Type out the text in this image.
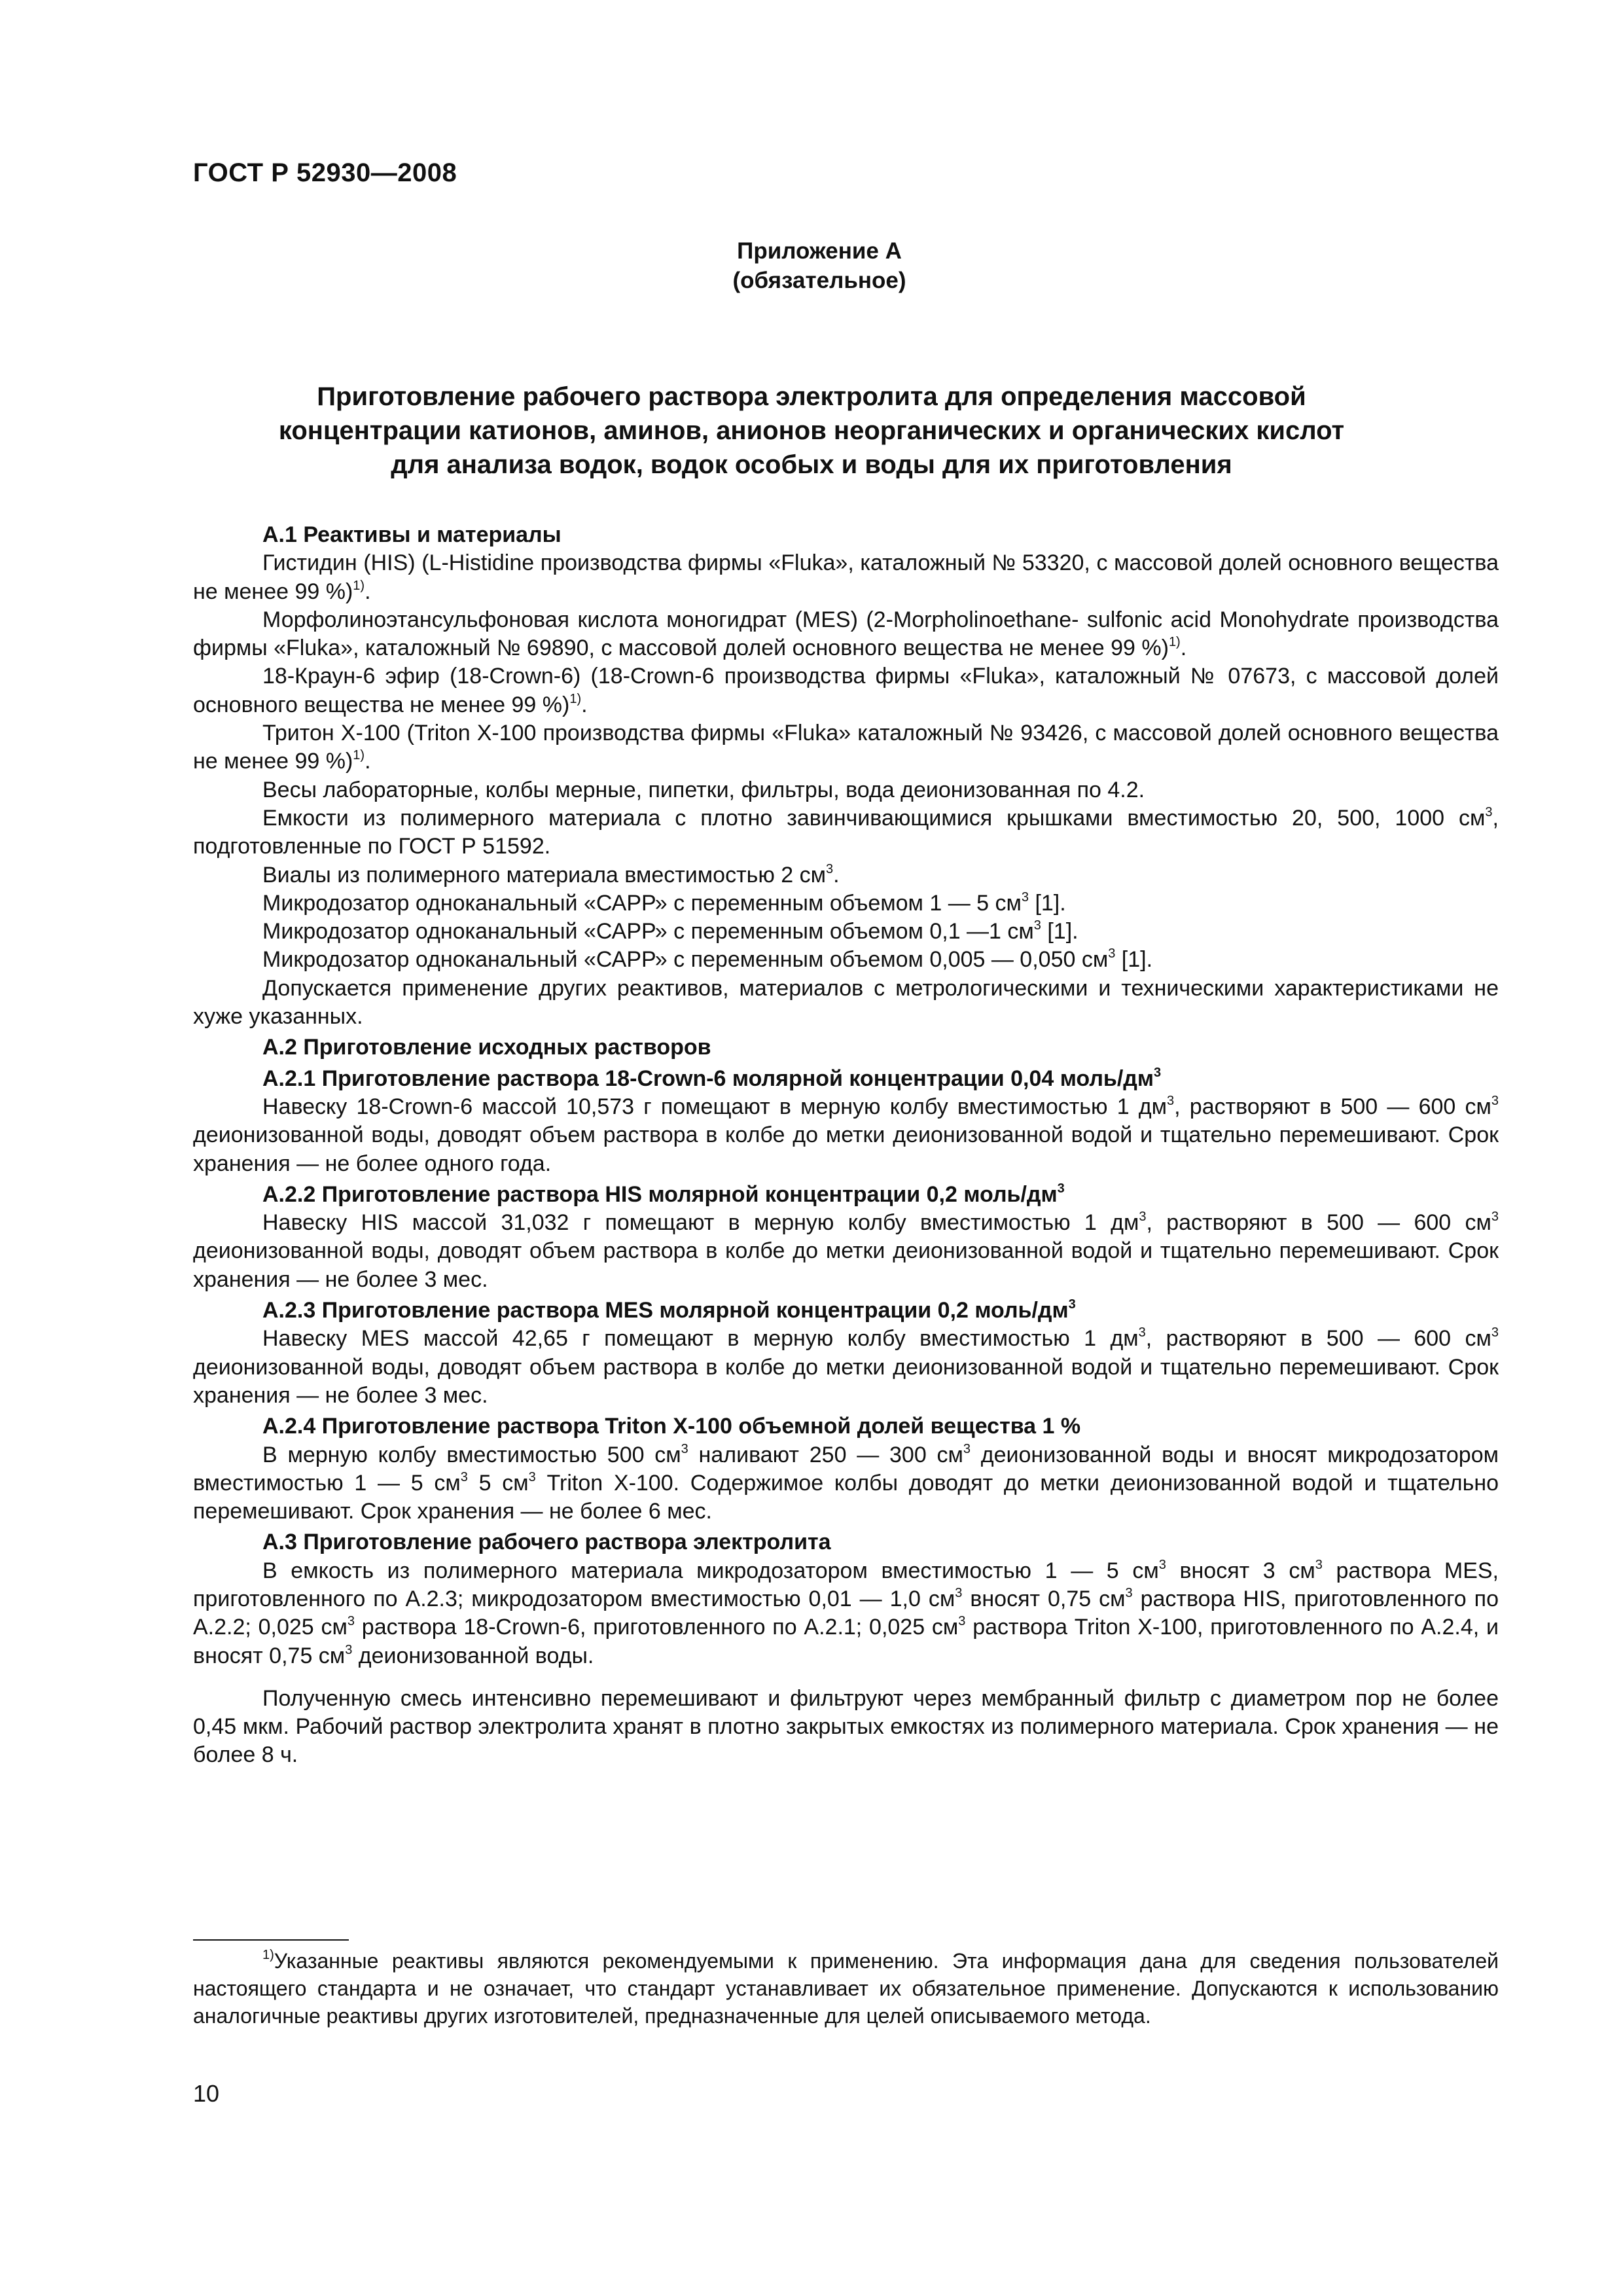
ГОСТ Р 52930—2008
Приложение А
(обязательное)
Приготовление рабочего раствора электролита для определения массовой
концентрации катионов, аминов, анионов неорганических и органических кислот
для анализа водок, водок особых и воды для их приготовления

А.1 Реактивы и материалы

Гистидин (HIS) (L-Histidine производства фирмы «Fluka», каталожный № 53320, с массовой долей основного вещества не менее 99 %)$^{1)}$.

Морфолиноэтансульфоновая кислота моногидрат (MES) (2-Morpholinoethane- sulfonic acid Monohydrate производства фирмы «Fluka», каталожный № 69890, с массовой долей основного вещества не менее 99 %)$^{1)}$.

18-Краун-6 эфир (18-Crown-6) (18-Crown-6 производства фирмы «Fluka», каталожный № 07673, с массовой долей основного вещества не менее 99 %)$^{1)}$.

Тритон Х-100 (Triton X-100 производства фирмы «Fluka» каталожный № 93426, с массовой долей основного вещества не менее 99 %)$^{1)}$.

Весы лабораторные, колбы мерные, пипетки, фильтры, вода деионизованная по 4.2.

Емкости из полимерного материала с плотно завинчивающимися крышками вместимостью 20, 500, 1000 $см^3$, подготовленные по ГОСТ Р 51592.

Виалы из полимерного материала вместимостью 2 $см^3$.

Микродозатор одноканальный «САРР» с переменным объемом 1 — 5 $см^3$ [1].

Микродозатор одноканальный «САРР» с переменным объемом 0,1 —1 $см^3$ [1].

Микродозатор одноканальный «САРР» с переменным объемом 0,005 — 0,050 $см^3$ [1].

Допускается применение других реактивов, материалов с метрологическими и техническими характеристиками не хуже указанных.

А.2 Приготовление исходных растворов

А.2.1 Приготовление раствора 18-Crown-6 молярной концентрации 0,04 моль/$дм^3$

Навеску 18-Crown-6 массой 10,573 г помещают в мерную колбу вместимостью 1 $дм^3$, растворяют в 500 — 600 $см^3$ деионизованной воды, доводят объем раствора в колбе до метки деионизованной водой и тщательно перемешивают. Срок хранения — не более одного года.

А.2.2 Приготовление раствора HIS молярной концентрации 0,2 моль/$дм^3$

Навеску HIS массой 31,032 г помещают в мерную колбу вместимостью 1 $дм^3$, растворяют в 500 — 600 $см^3$ деионизованной воды, доводят объем раствора в колбе до метки деионизованной водой и тщательно перемешивают. Срок хранения — не более 3 мес.

А.2.3 Приготовление раствора MES молярной концентрации 0,2 моль/$дм^3$

Навеску MES массой 42,65 г помещают в мерную колбу вместимостью 1 $дм^3$, растворяют в 500 — 600 $см^3$ деионизованной воды, доводят объем раствора в колбе до метки деионизованной водой и тщательно перемешивают. Срок хранения — не более 3 мес.

А.2.4 Приготовление раствора Triton X-100 объемной долей вещества 1 %

В мерную колбу вместимостью 500 $см^3$ наливают 250 — 300 $см^3$ деионизованной воды и вносят микродозатором вместимостью 1 — 5 $см^3$ 5 $см^3$ Triton X-100. Содержимое колбы доводят до метки деионизованной водой и тщательно перемешивают. Срок хранения — не более 6 мес.

А.3 Приготовление рабочего раствора электролита

В емкость из полимерного материала микродозатором вместимостью 1 — 5 $см^3$ вносят 3 $см^3$ раствора MES, приготовленного по А.2.3; микродозатором вместимостью 0,01 — 1,0 $см^3$ вносят 0,75 $см^3$ раствора HIS, приготовленного по А.2.2; 0,025 $см^3$ раствора 18-Crown-6, приготовленного по А.2.1; 0,025 $см^3$ раствора Triton X-100, приготовленного по А.2.4, и вносят 0,75 $см^3$ деионизованной воды.

Полученную смесь интенсивно перемешивают и фильтруют через мембранный фильтр с диаметром пор не более 0,45 мкм. Рабочий раствор электролита хранят в плотно закрытых емкостях из полимерного материала. Срок хранения — не более 8 ч.

$^{1)}$Указанные реактивы являются рекомендуемыми к применению. Эта информация дана для сведения пользователей настоящего стандарта и не означает, что стандарт устанавливает их обязательное применение. Допускаются к использованию аналогичные реактивы других изготовителей, предназначенные для целей описываемого метода.

10
